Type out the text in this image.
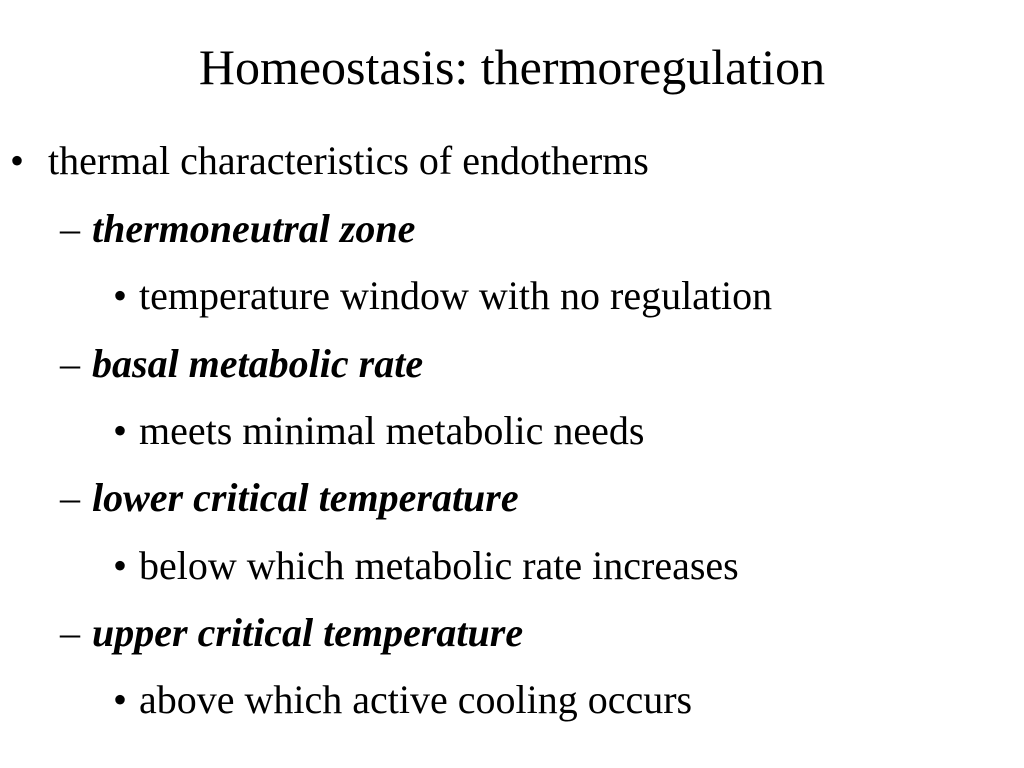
Homeostasis: thermoregulation
• thermal characteristics of endotherms
– thermoneutral zone
• temperature window with no regulation
– basal metabolic rate
• meets minimal metabolic needs
– lower critical temperature
• below which metabolic rate increases
– upper critical temperature
• above which active cooling occurs
